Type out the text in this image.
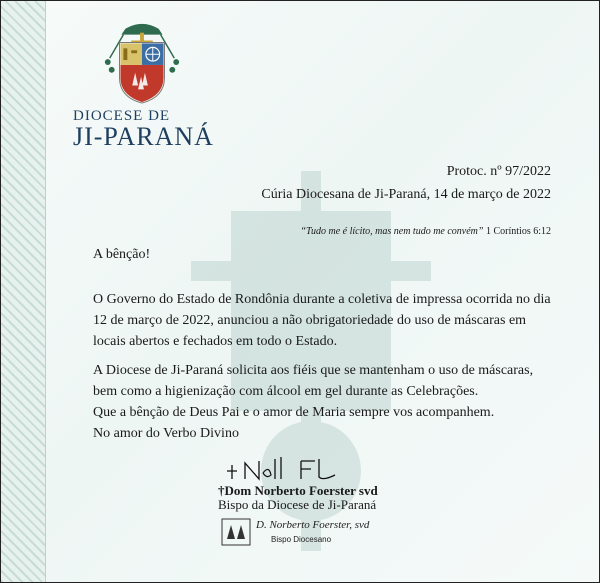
DIOCESE DE
JI-PARANÁ
Protoc. nº 97/2022
Cúria Diocesana de Ji-Paraná, 14 de março de 2022
“Tudo me é lícito, mas nem tudo me convém” 1 Coríntios 6:12
A bênção!
O Governo do Estado de Rondônia durante a coletiva de impressa ocorrida no dia 12 de março de 2022, anunciou a não obrigatoriedade do uso de máscaras em locais abertos e fechados em todo o Estado.
A Diocese de Ji-Paraná solicita aos fiéis que se mantenham o uso de máscaras, bem como a higienização com álcool em gel durante as Celebrações.
Que a bênção de Deus Pai e o amor de Maria sempre vos acompanhem.
No amor do Verbo Divino
†Dom Norberto Foerster svd
Bispo da Diocese de Ji-Paraná
D. Norberto Foerster, svd
Bispo Diocesano
